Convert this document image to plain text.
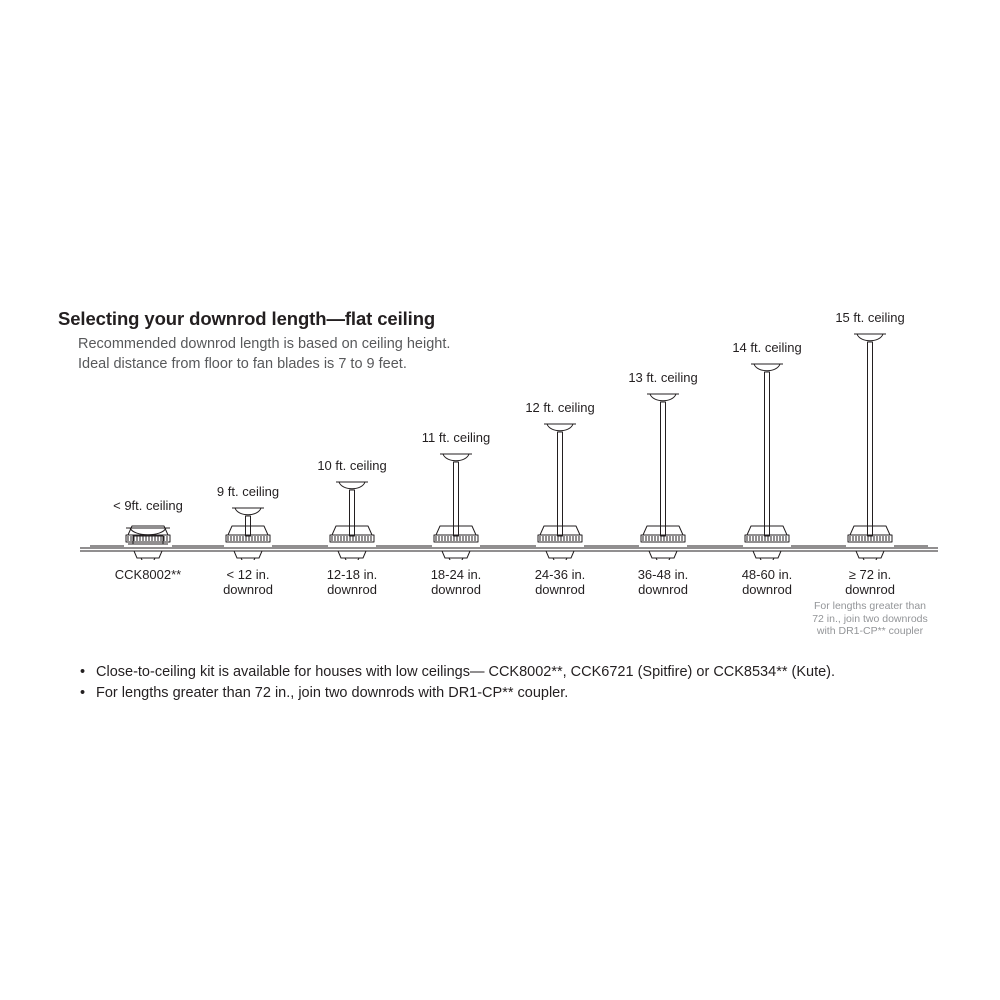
Selecting your downrod length—flat ceiling
Recommended downrod length is based on ceiling height.
Ideal distance from floor to fan blades is 7 to 9 feet.
< 9ft. ceiling
CCK8002**
9 ft. ceiling
< 12 in.
downrod
10 ft. ceiling
12-18 in.
downrod
11 ft. ceiling
18-24 in.
downrod
12 ft. ceiling
24-36 in.
downrod
13 ft. ceiling
36-48 in.
downrod
14 ft. ceiling
48-60 in.
downrod
15 ft. ceiling
≥ 72 in.
downrod
For lengths greater than
72 in., join two downrods
with DR1-CP** coupler
• Close-to-ceiling kit is available for houses with low ceilings— CCK8002**, CCK6721 (Spitfire) or CCK8534** (Kute).
• For lengths greater than 72 in., join two downrods with DR1-CP** coupler.
